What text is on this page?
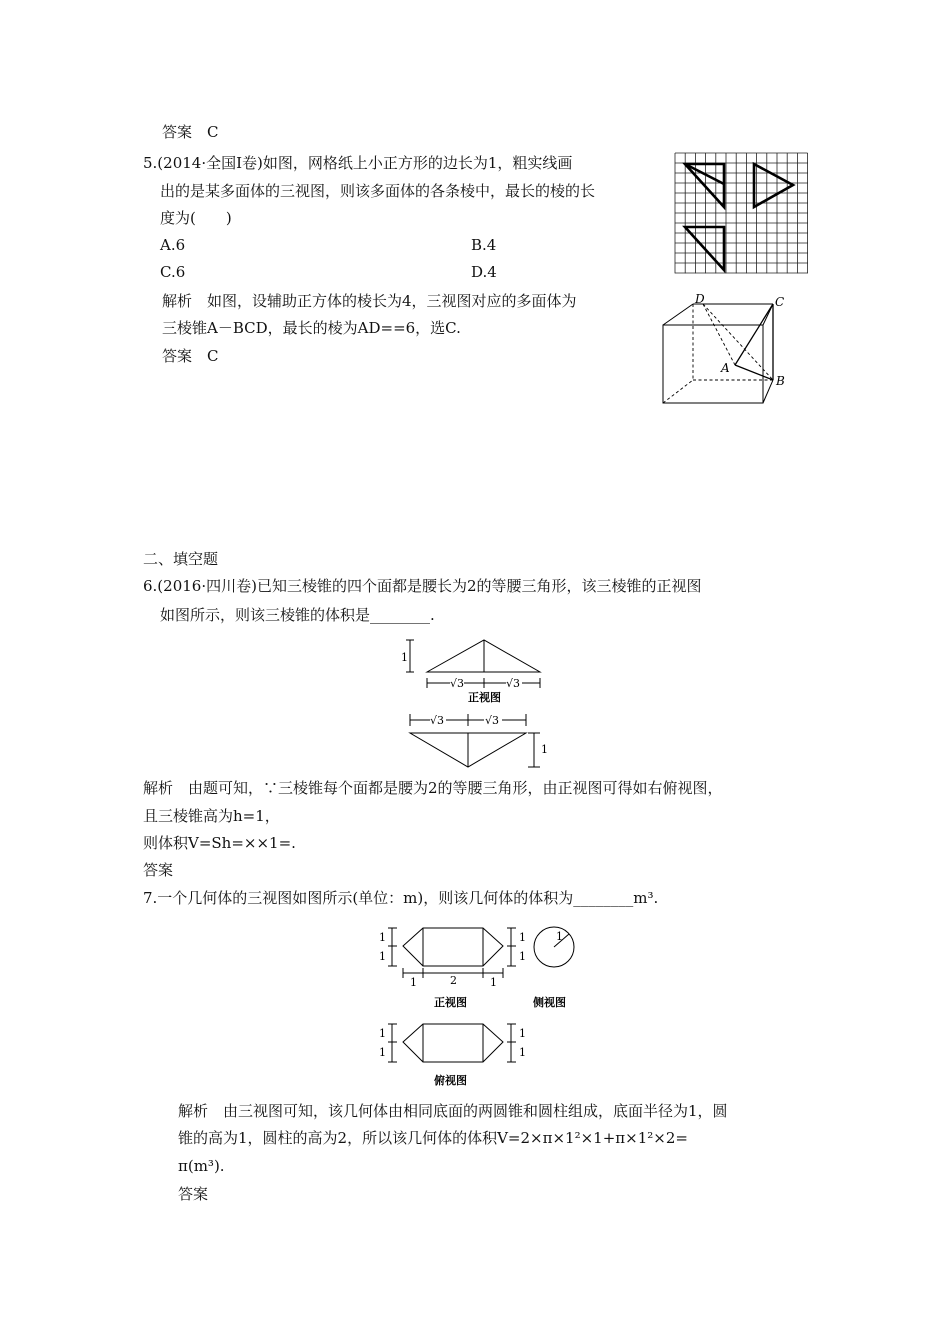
答案　C
5.(2014·全国Ⅰ卷)如图，网格纸上小正方形的边长为1，粗实线画
出的是某多面体的三视图，则该多面体的各条棱中，最长的棱的长
度为(　　)
A.6	B.4
C.6	D.4
解析　如图，设辅助正方体的棱长为4，三视图对应的多面体为
三棱锥A－BCD，最长的棱为AD==6，选C.
答案　C
D	C
A
B
二、填空题
6.(2016·四川卷)已知三棱锥的四个面都是腰长为2的等腰三角形，该三棱锥的正视图
如图所示，则该三棱锥的体积是________.
1
√3	√3
正视图
√3	√3
1
解析　由题可知，∵三棱锥每个面都是腰为2的等腰三角形，由正视图可得如右俯视图，
且三棱锥高为h=1，
则体积V=Sh=××1=.
答案
7.一个几何体的三视图如图所示(单位：m)，则该几何体的体积为________m³.
1
1
1
1
1	2	1
1
正视图	侧视图
1
1
1
1
俯视图
解析　由三视图可知，该几何体由相同底面的两圆锥和圆柱组成，底面半径为1，圆
锥的高为1，圆柱的高为2，所以该几何体的体积V=2×π×1²×1+π×1²×2=
π(m³).
答案
